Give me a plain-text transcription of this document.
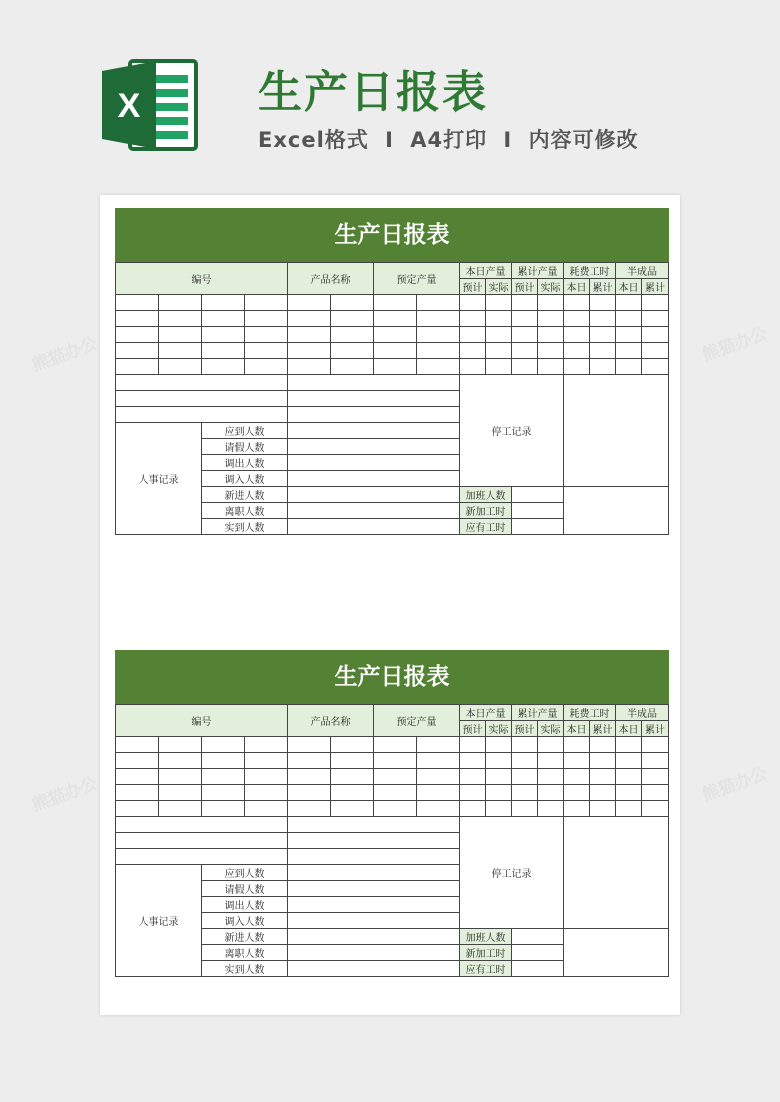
X	生产日报表
Excel格式 I A4打印 I 内容可修改
熊猫办公	熊猫办公
熊猫办公	熊猫办公
生产日报表
编号				产品名称		预定产量		本日产量		累计产量		耗费工时		半成品	
								预计	实际	预计	实际	本日	累计	本日	累计

								停工记录							

人事记录		应到人数													
		请假人数													
		调出人数													
		调入人数													
		新进人数						加班人数							
		离职人数						新加工时							
		实到人数						应有工时							
生产日报表
编号				产品名称		预定产量		本日产量		累计产量		耗费工时		半成品	
								预计	实际	预计	实际	本日	累计	本日	累计

								停工记录							

人事记录		应到人数													
		请假人数													
		调出人数													
		调入人数													
		新进人数						加班人数							
		离职人数						新加工时							
		实到人数						应有工时							
